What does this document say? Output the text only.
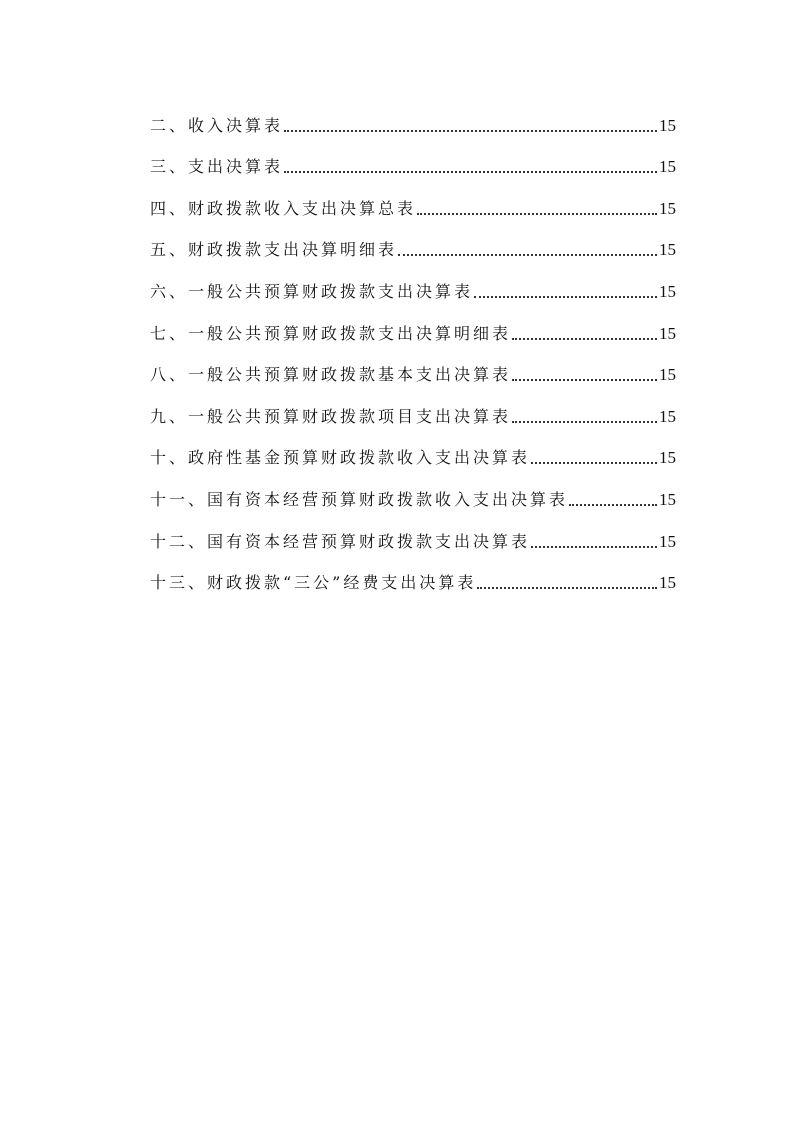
二、收入决算表	15
三、支出决算表	15
四、财政拨款收入支出决算总表	15
五、财政拨款支出决算明细表	15
六、一般公共预算财政拨款支出决算表	15
七、一般公共预算财政拨款支出决算明细表	15
八、一般公共预算财政拨款基本支出决算表	15
九、一般公共预算财政拨款项目支出决算表	15
十、政府性基金预算财政拨款收入支出决算表	15
十一、国有资本经营预算财政拨款收入支出决算表	15
十二、国有资本经营预算财政拨款支出决算表	15
十三、财政拨款“三公”经费支出决算表	15
